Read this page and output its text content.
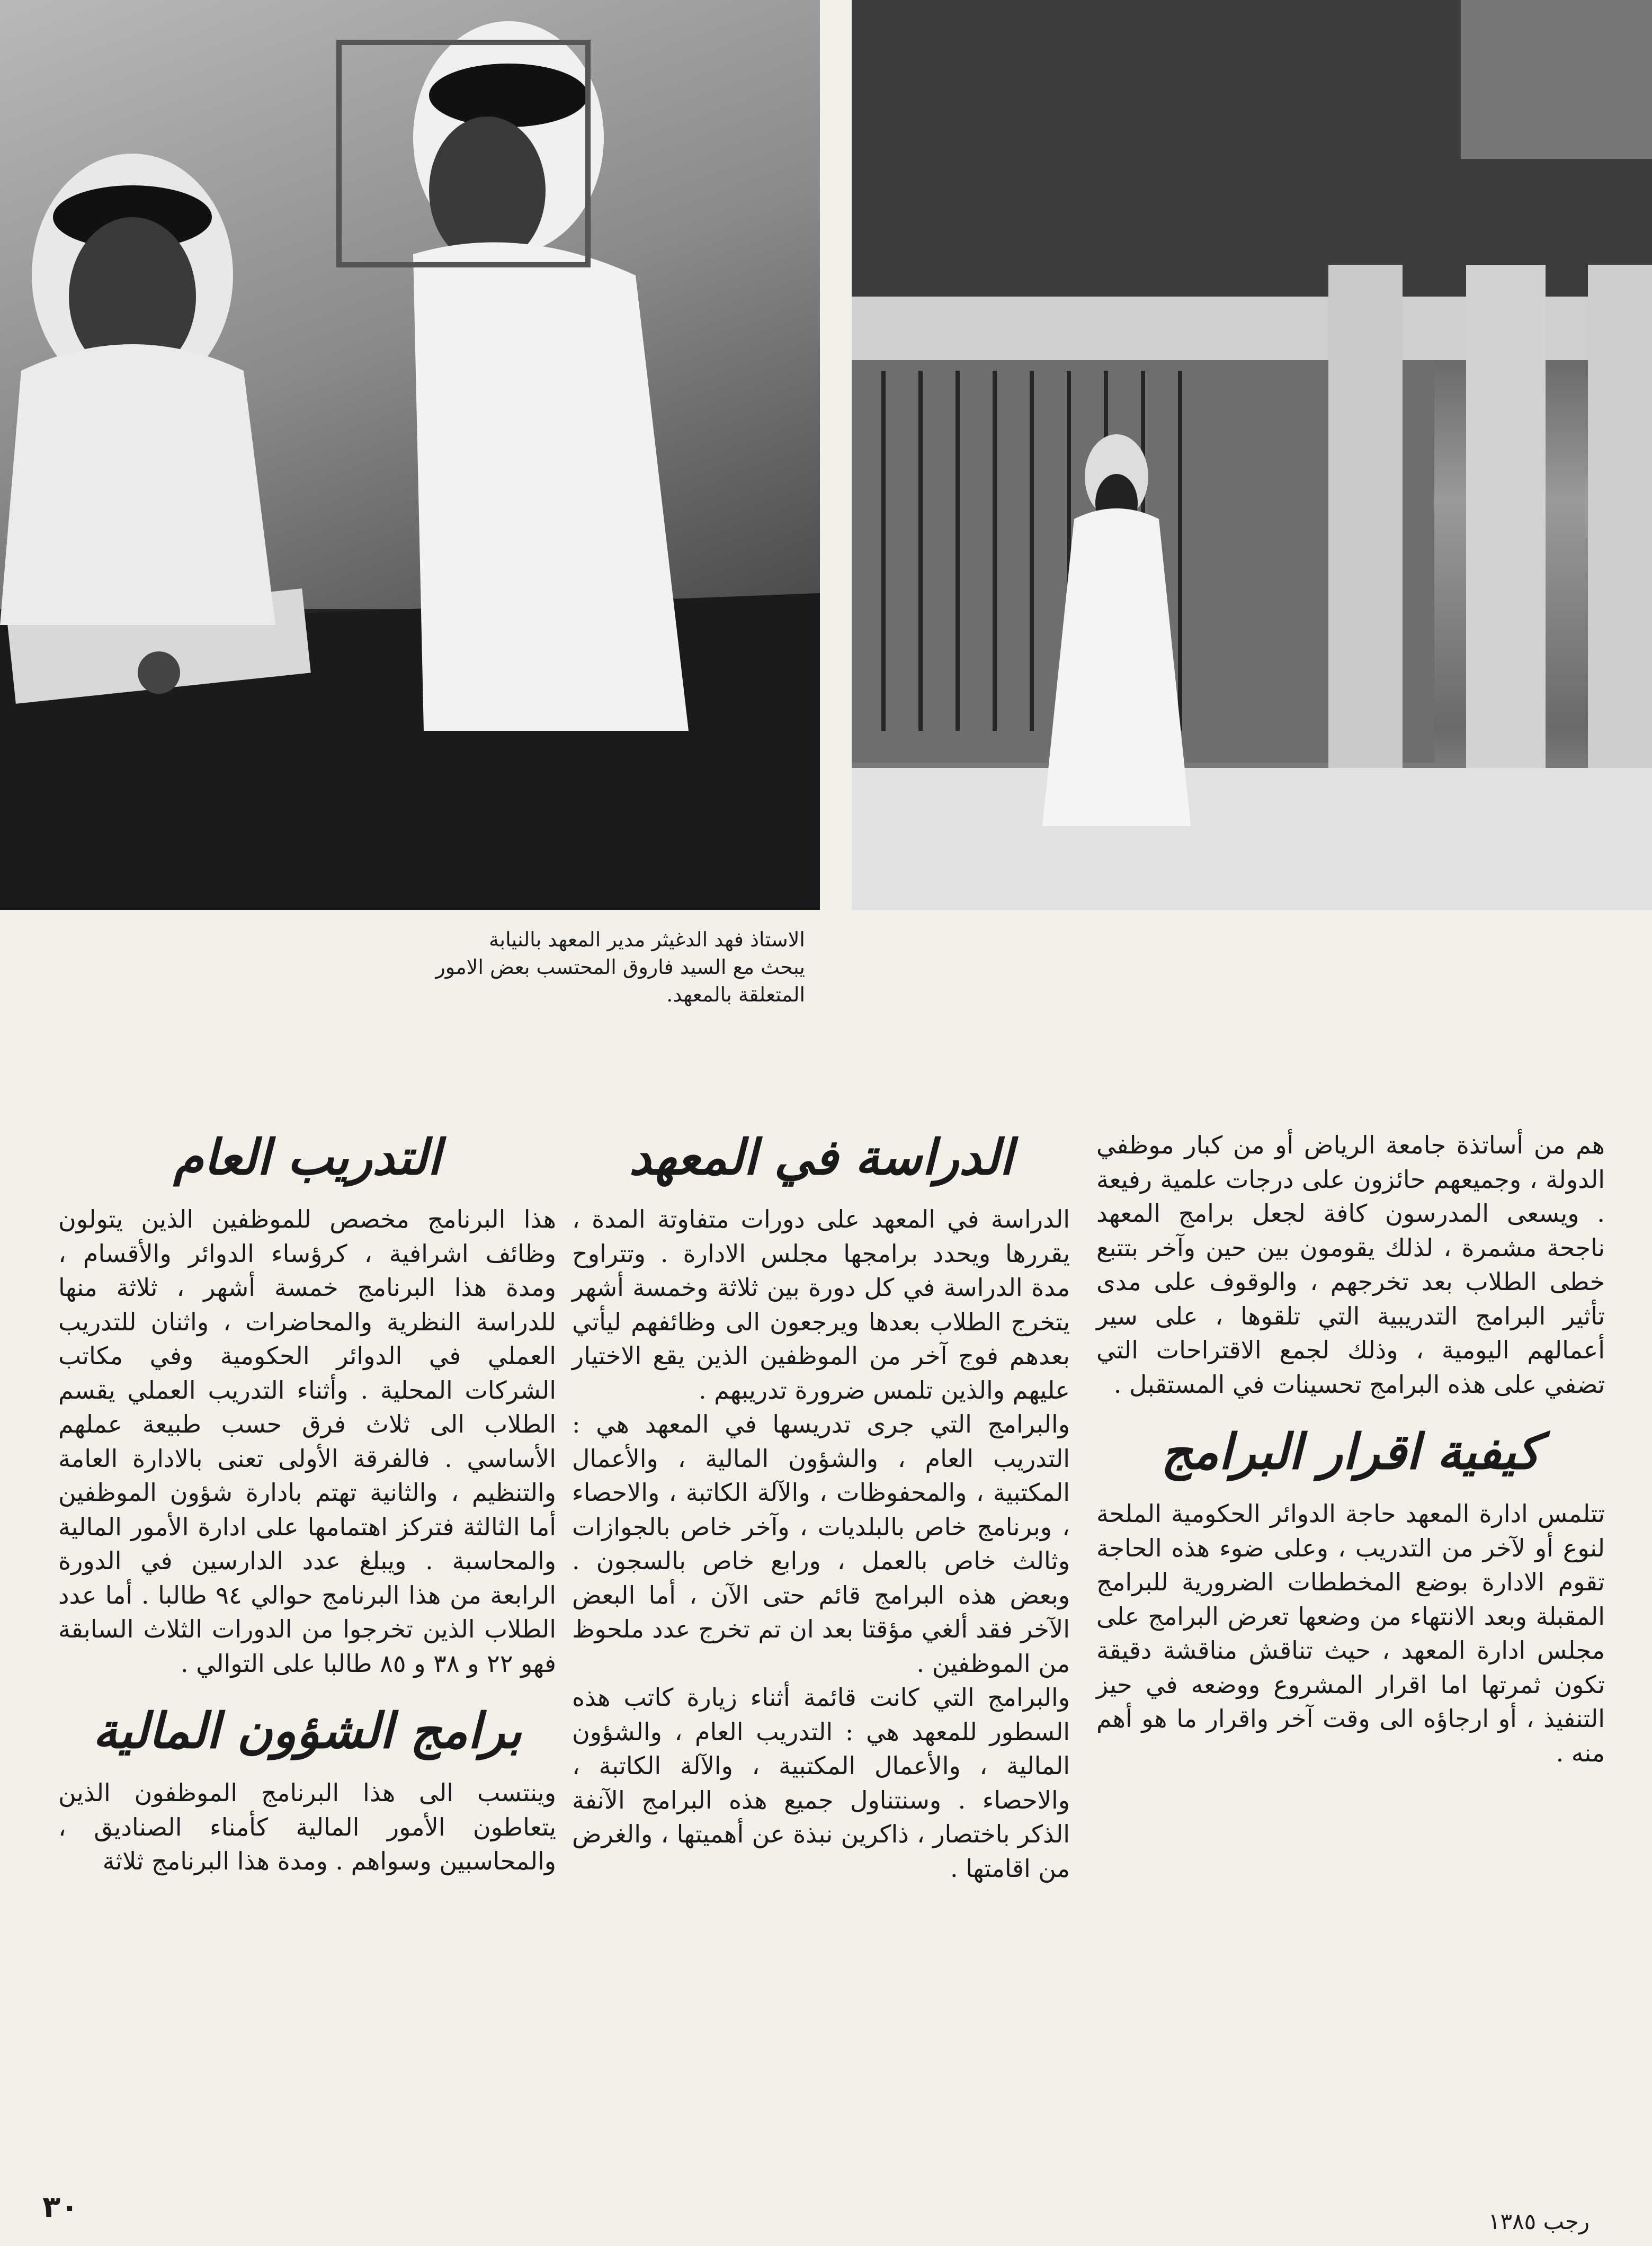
الاستاذ فهد الدغيثر مدير المعهد بالنيابة

يبحث مع السيد فاروق المحتسب بعض الامور المتعلقة بالمعهد.

هم من أساتذة جامعة الرياض أو من كبار موظفي الدولة ، وجميعهم حائزون على درجات علمية رفيعة . ويسعى المدرسون كافة لجعل برامج المعهد ناجحة مشمرة ، لذلك يقومون بين حين وآخر بتتبع خطى الطلاب بعد تخرجهم ، والوقوف على مدى تأثير البرامج التدريبية التي تلقوها ، على سير أعمالهم اليومية ، وذلك لجمع الاقتراحات التي تضفي على هذه البرامج تحسينات في المستقبل .

كيفية اقرار البرامج

تتلمس ادارة المعهد حاجة الدوائر الحكومية الملحة لنوع أو لآخر من التدريب ، وعلى ضوء هذه الحاجة تقوم الادارة بوضع المخططات الضرورية للبرامج المقبلة وبعد الانتهاء من وضعها تعرض البرامج على مجلس ادارة المعهد ، حيث تناقش مناقشة دقيقة تكون ثمرتها اما اقرار المشروع ووضعه في حيز التنفيذ ، أو ارجاؤه الى وقت آخر واقرار ما هو أهم منه .

الدراسة في المعهد

الدراسة في المعهد على دورات متفاوتة المدة ، يقررها ويحدد برامجها مجلس الادارة . وتتراوح مدة الدراسة في كل دورة بين ثلاثة وخمسة أشهر يتخرج الطلاب بعدها ويرجعون الى وظائفهم ليأتي بعدهم فوج آخر من الموظفين الذين يقع الاختيار عليهم والذين تلمس ضرورة تدريبهم .

والبرامج التي جرى تدريسها في المعهد هي : التدريب العام ، والشؤون المالية ، والأعمال المكتبية ، والمحفوظات ، والآلة الكاتبة ، والاحصاء ، وبرنامج خاص بالبلديات ، وآخر خاص بالجوازات وثالث خاص بالعمل ، ورابع خاص بالسجون . وبعض هذه البرامج قائم حتى الآن ، أما البعض الآخر فقد ألغي مؤقتا بعد ان تم تخرج عدد ملحوظ من الموظفين .

والبرامج التي كانت قائمة أثناء زيارة كاتب هذه السطور للمعهد هي : التدريب العام ، والشؤون المالية ، والأعمال المكتبية ، والآلة الكاتبة ، والاحصاء . وسنتناول جميع هذه البرامج الآنفة الذكر باختصار ، ذاكرين نبذة عن أهميتها ، والغرض من اقامتها .

التدريب العام

هذا البرنامج مخصص للموظفين الذين يتولون وظائف اشرافية ، كرؤساء الدوائر والأقسام ، ومدة هذا البرنامج خمسة أشهر ، ثلاثة منها للدراسة النظرية والمحاضرات ، واثنان للتدريب العملي في الدوائر الحكومية وفي مكاتب الشركات المحلية . وأثناء التدريب العملي يقسم الطلاب الى ثلاث فرق حسب طبيعة عملهم الأساسي . فالفرقة الأولى تعنى بالادارة العامة والتنظيم ، والثانية تهتم بادارة شؤون الموظفين أما الثالثة فتركز اهتمامها على ادارة الأمور المالية والمحاسبة . ويبلغ عدد الدارسين في الدورة الرابعة من هذا البرنامج حوالي ٩٤ طالبا . أما عدد الطلاب الذين تخرجوا من الدورات الثلاث السابقة فهو ٢٢ و ٣٨ و ٨٥ طالبا على التوالي .

برامج الشؤون المالية

وينتسب الى هذا البرنامج الموظفون الذين يتعاطون الأمور المالية كأمناء الصناديق ، والمحاسبين وسواهم . ومدة هذا البرنامج ثلاثة

٣٠	رجب ١٣٨٥
